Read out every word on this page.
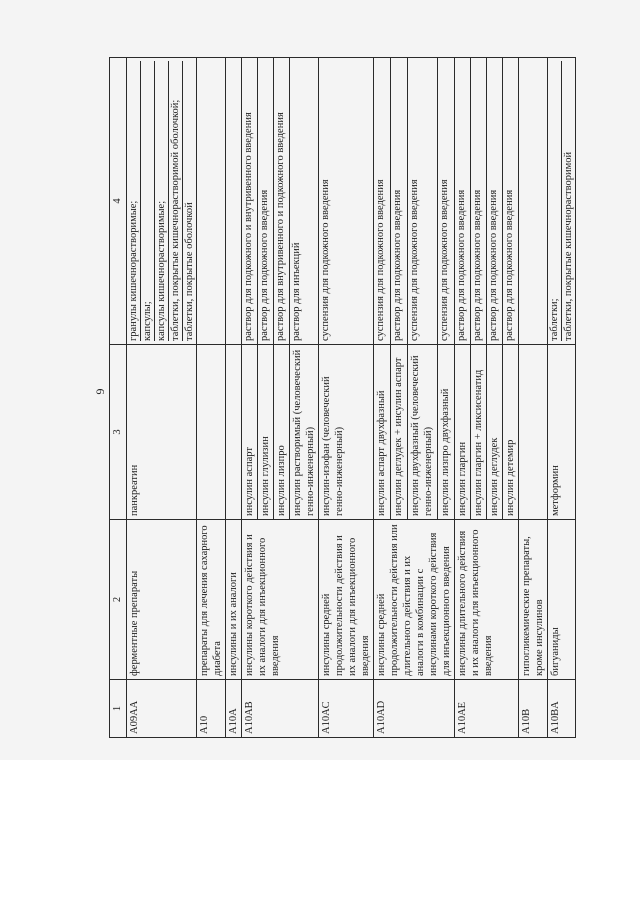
6
1	2	3	4
A09AA	ферментные препараты	панкреатин	гранулы кишечнорастворимые; капсулы; капсулы кишечнорастворимые; таблетки, покрытые кишечнорастворимой оболочкой; таблетки, покрытые оболочкой

A10	препараты для лечения сахарного диабета		

A10A	инсулины и их аналоги		

A10AB	инсулины короткого действия и их аналоги для инъекционного введения	инсулин аспарт	раствор для подкожного и внутривенного введения

		инсулин глулизин	раствор для подкожного введения

		инсулин лизпро	раствор для внутривенного и подкожного введения

		инсулин растворимый (человеческий генно-инженерный)	раствор для инъекций

A10AC	инсулины средней продолжительности действия и их аналоги для инъекционного введения	инсулин-изофан (человеческий генно-инженерный)	суспензия для подкожного введения

A10AD	инсулины средней продолжительности действия или длительного действия и их аналоги в комбинации с инсулинами короткого действия для инъекционного введения	инсулин аспарт двухфазный	суспензия для подкожного введения

		инсулин деглудек + инсулин аспарт	раствор для подкожного введения

		инсулин двухфазный (человеческий генно-инженерный)	суспензия для подкожного введения

		инсулин лизпро двухфазный	суспензия для подкожного введения

A10AE	инсулины длительного действия и их аналоги для инъекционного введения	инсулин гларгин	раствор для подкожного введения

		инсулин гларгин + ликсисенатид	раствор для подкожного введения

		инсулин деглудек	раствор для подкожного введения

		инсулин детемир	раствор для подкожного введения

A10B	гипогликемические препараты, кроме инсулинов		

A10BA	бигуаниды	метформин	таблетки; таблетки, покрытые кишечнорастворимой
